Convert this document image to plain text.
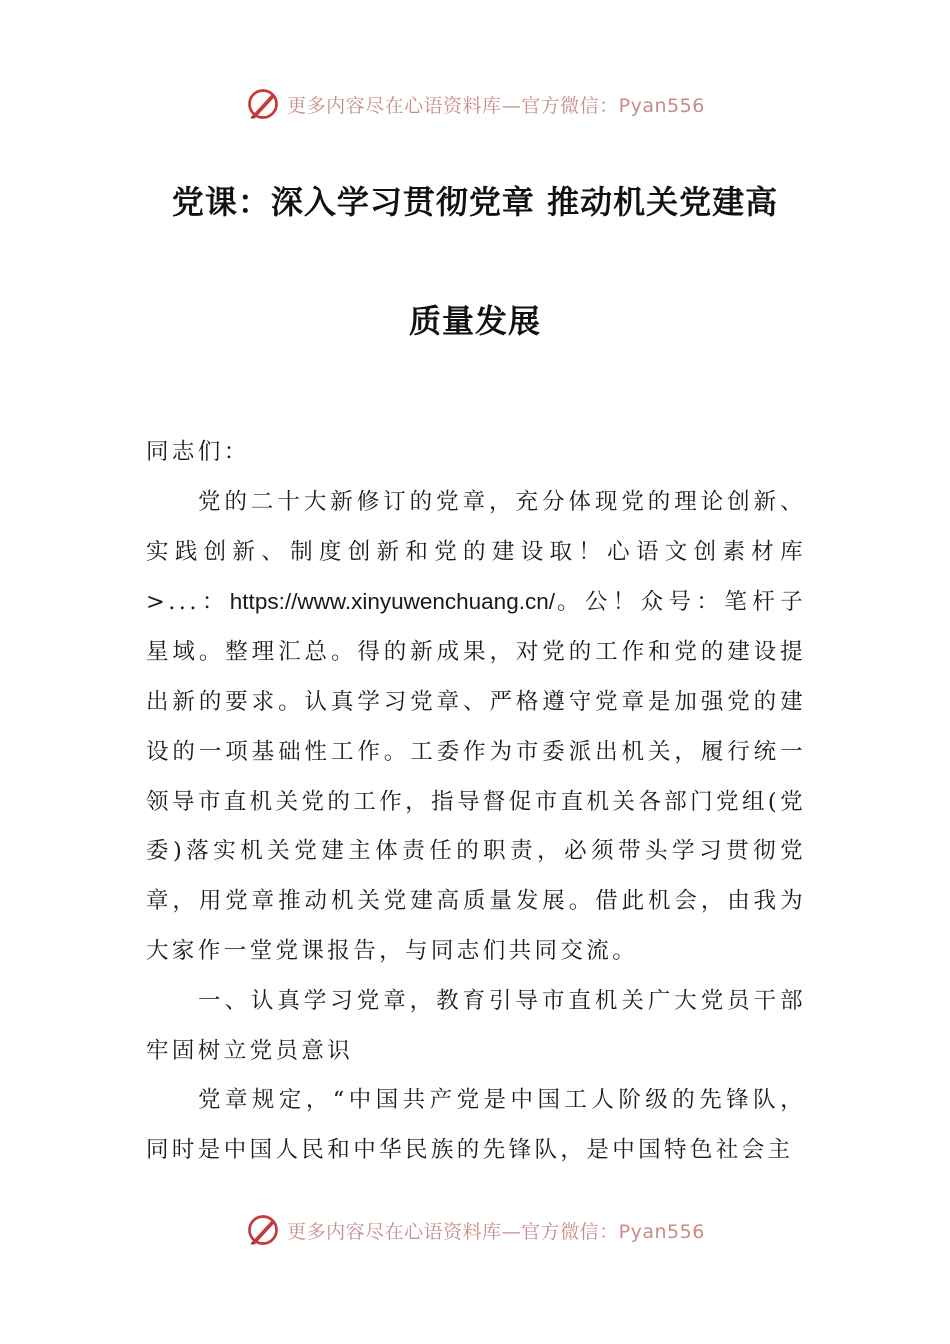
更多内容尽在心语资料库—官方微信：Pyan556
党课：深入学习贯彻党章 推动机关党建高
质量发展

同志们：

党的二十大新修订的党章，充分体现党的理论创新、实践创新、制度创新和党的建设取！心语文创素材库>...：https://www.xinyuwenchuang.cn/。公！众号：笔杆子星域。整理汇总。得的新成果，对党的工作和党的建设提出新的要求。认真学习党章、严格遵守党章是加强党的建设的一项基础性工作。工委作为市委派出机关，履行统一领导市直机关党的工作，指导督促市直机关各部门党组(党委)落实机关党建主体责任的职责，必须带头学习贯彻党章，用党章推动机关党建高质量发展。借此机会，由我为大家作一堂党课报告，与同志们共同交流。

一、认真学习党章，教育引导市直机关广大党员干部牢固树立党员意识

党章规定，“中国共产党是中国工人阶级的先锋队，同时是中国人民和中华民族的先锋队，是中国特色社会主

更多内容尽在心语资料库—官方微信：Pyan556
